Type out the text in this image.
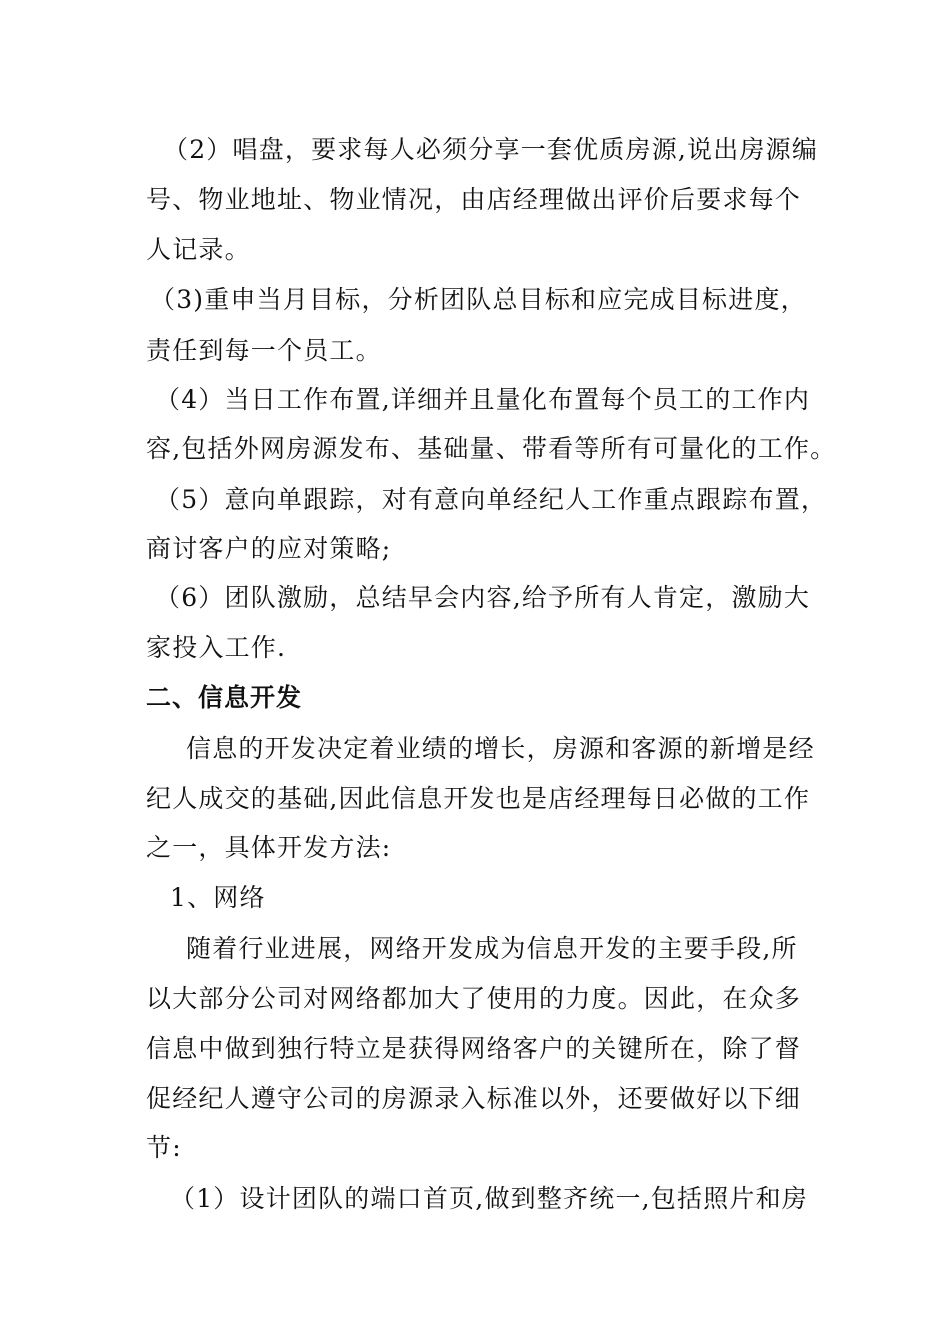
（2）唱盘，要求每人必须分享一套优质房源,说出房源编
号、物业地址、物业情况，由店经理做出评价后要求每个
人记录。
（3)重申当月目标，分析团队总目标和应完成目标进度，
责任到每一个员工。
（4）当日工作布置,详细并且量化布置每个员工的工作内
容,包括外网房源发布、基础量、带看等所有可量化的工作。
（5）意向单跟踪，对有意向单经纪人工作重点跟踪布置，
商讨客户的应对策略;
（6）团队激励，总结早会内容,给予所有人肯定，激励大
家投入工作.
二、信息开发
信息的开发决定着业绩的增长，房源和客源的新增是经
纪人成交的基础,因此信息开发也是店经理每日必做的工作
之一，具体开发方法:
1、网络
随着行业进展，网络开发成为信息开发的主要手段,所
以大部分公司对网络都加大了使用的力度。因此，在众多
信息中做到独行特立是获得网络客户的关键所在，除了督
促经纪人遵守公司的房源录入标准以外，还要做好以下细
节:
（1）设计团队的端口首页,做到整齐统一,包括照片和房
